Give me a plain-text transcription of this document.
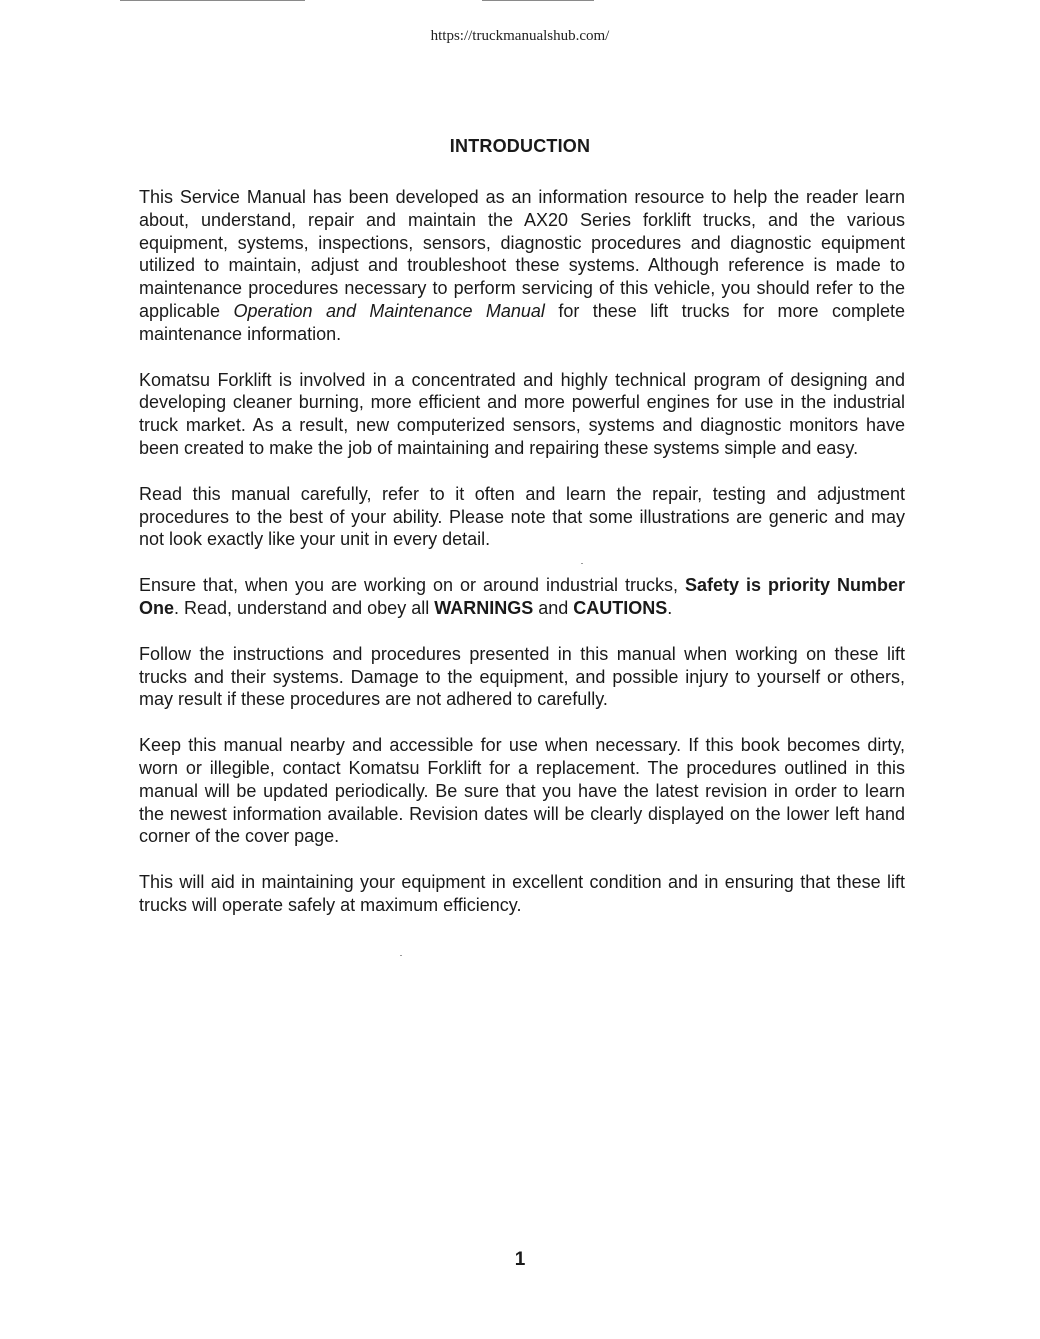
https://truckmanualshub.com/
INTRODUCTION

This Service Manual has been developed as an information resource to help the reader learn about, understand, repair and maintain the AX20 Series forklift trucks, and the various equipment, systems, inspections, sensors, diagnostic procedures and diagnostic equipment utilized to maintain, adjust and troubleshoot these systems. Although reference is made to maintenance procedures necessary to perform servicing of this vehicle, you should refer to the applicable Operation and Maintenance Manual for these lift trucks for more complete maintenance information.

Komatsu Forklift is involved in a concentrated and highly technical program of designing and developing cleaner burning, more efficient and more powerful engines for use in the industrial truck market. As a result, new computerized sensors, systems and diagnostic monitors have been created to make the job of maintaining and repairing these systems simple and easy.

Read this manual carefully, refer to it often and learn the repair, testing and adjustment procedures to the best of your ability. Please note that some illustrations are generic and may not look exactly like your unit in every detail.

Ensure that, when you are working on or around industrial trucks, Safety is priority Number One. Read, understand and obey all WARNINGS and CAUTIONS.

Follow the instructions and procedures presented in this manual when working on these lift trucks and their systems. Damage to the equipment, and possible injury to yourself or others, may result if these procedures are not adhered to carefully.

Keep this manual nearby and accessible for use when necessary. If this book becomes dirty, worn or illegible, contact Komatsu Forklift for a replacement. The procedures outlined in this manual will be updated periodically. Be sure that you have the latest revision in order to learn the newest information available. Revision dates will be clearly displayed on the lower left hand corner of the cover page.

This will aid in maintaining your equipment in excellent condition and in ensuring that these lift trucks will operate safely at maximum efficiency.

1
